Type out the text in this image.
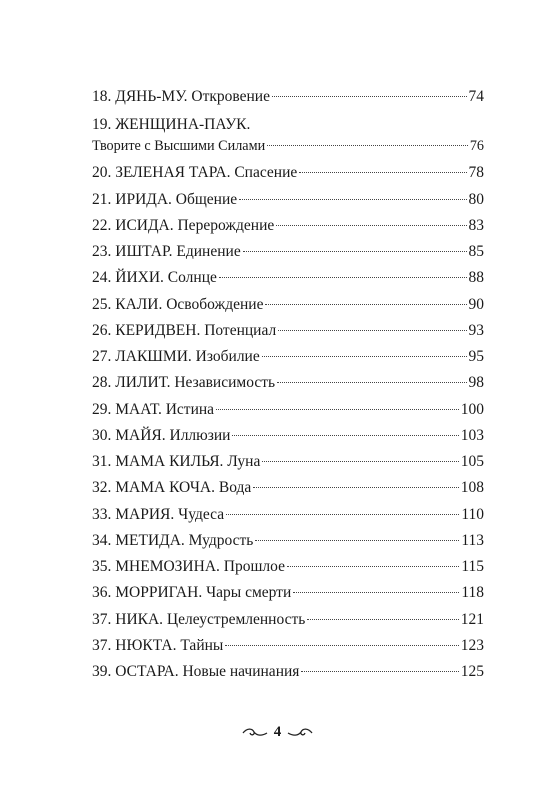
18. ДЯНЬ-МУ. Откровение	74
19. ЖЕНЩИНА-ПАУК.
Творите с Высшими Силами	76
20. ЗЕЛЕНАЯ ТАРА. Спасение	78
21. ИРИДА. Общение	80
22. ИСИДА. Перерождение	83
23. ИШТАР. Единение	85
24. ЙИХИ. Солнце	88
25. КАЛИ. Освобождение	90
26. КЕРИДВЕН. Потенциал	93
27. ЛАКШМИ. Изобилие	95
28. ЛИЛИТ. Независимость	98
29. МААТ. Истина	100
30. МАЙЯ. Иллюзии	103
31. МАМА КИЛЬЯ. Луна	105
32. МАМА КОЧА. Вода	108
33. МАРИЯ. Чудеса	110
34. МЕТИДА. Мудрость	113
35. МНЕМОЗИНА. Прошлое	115
36. МОРРИГАН. Чары смерти	118
37. НИКА. Целеустремленность	121
37. НЮКТА. Тайны	123
39. ОСТАРА. Новые начинания	125
4
